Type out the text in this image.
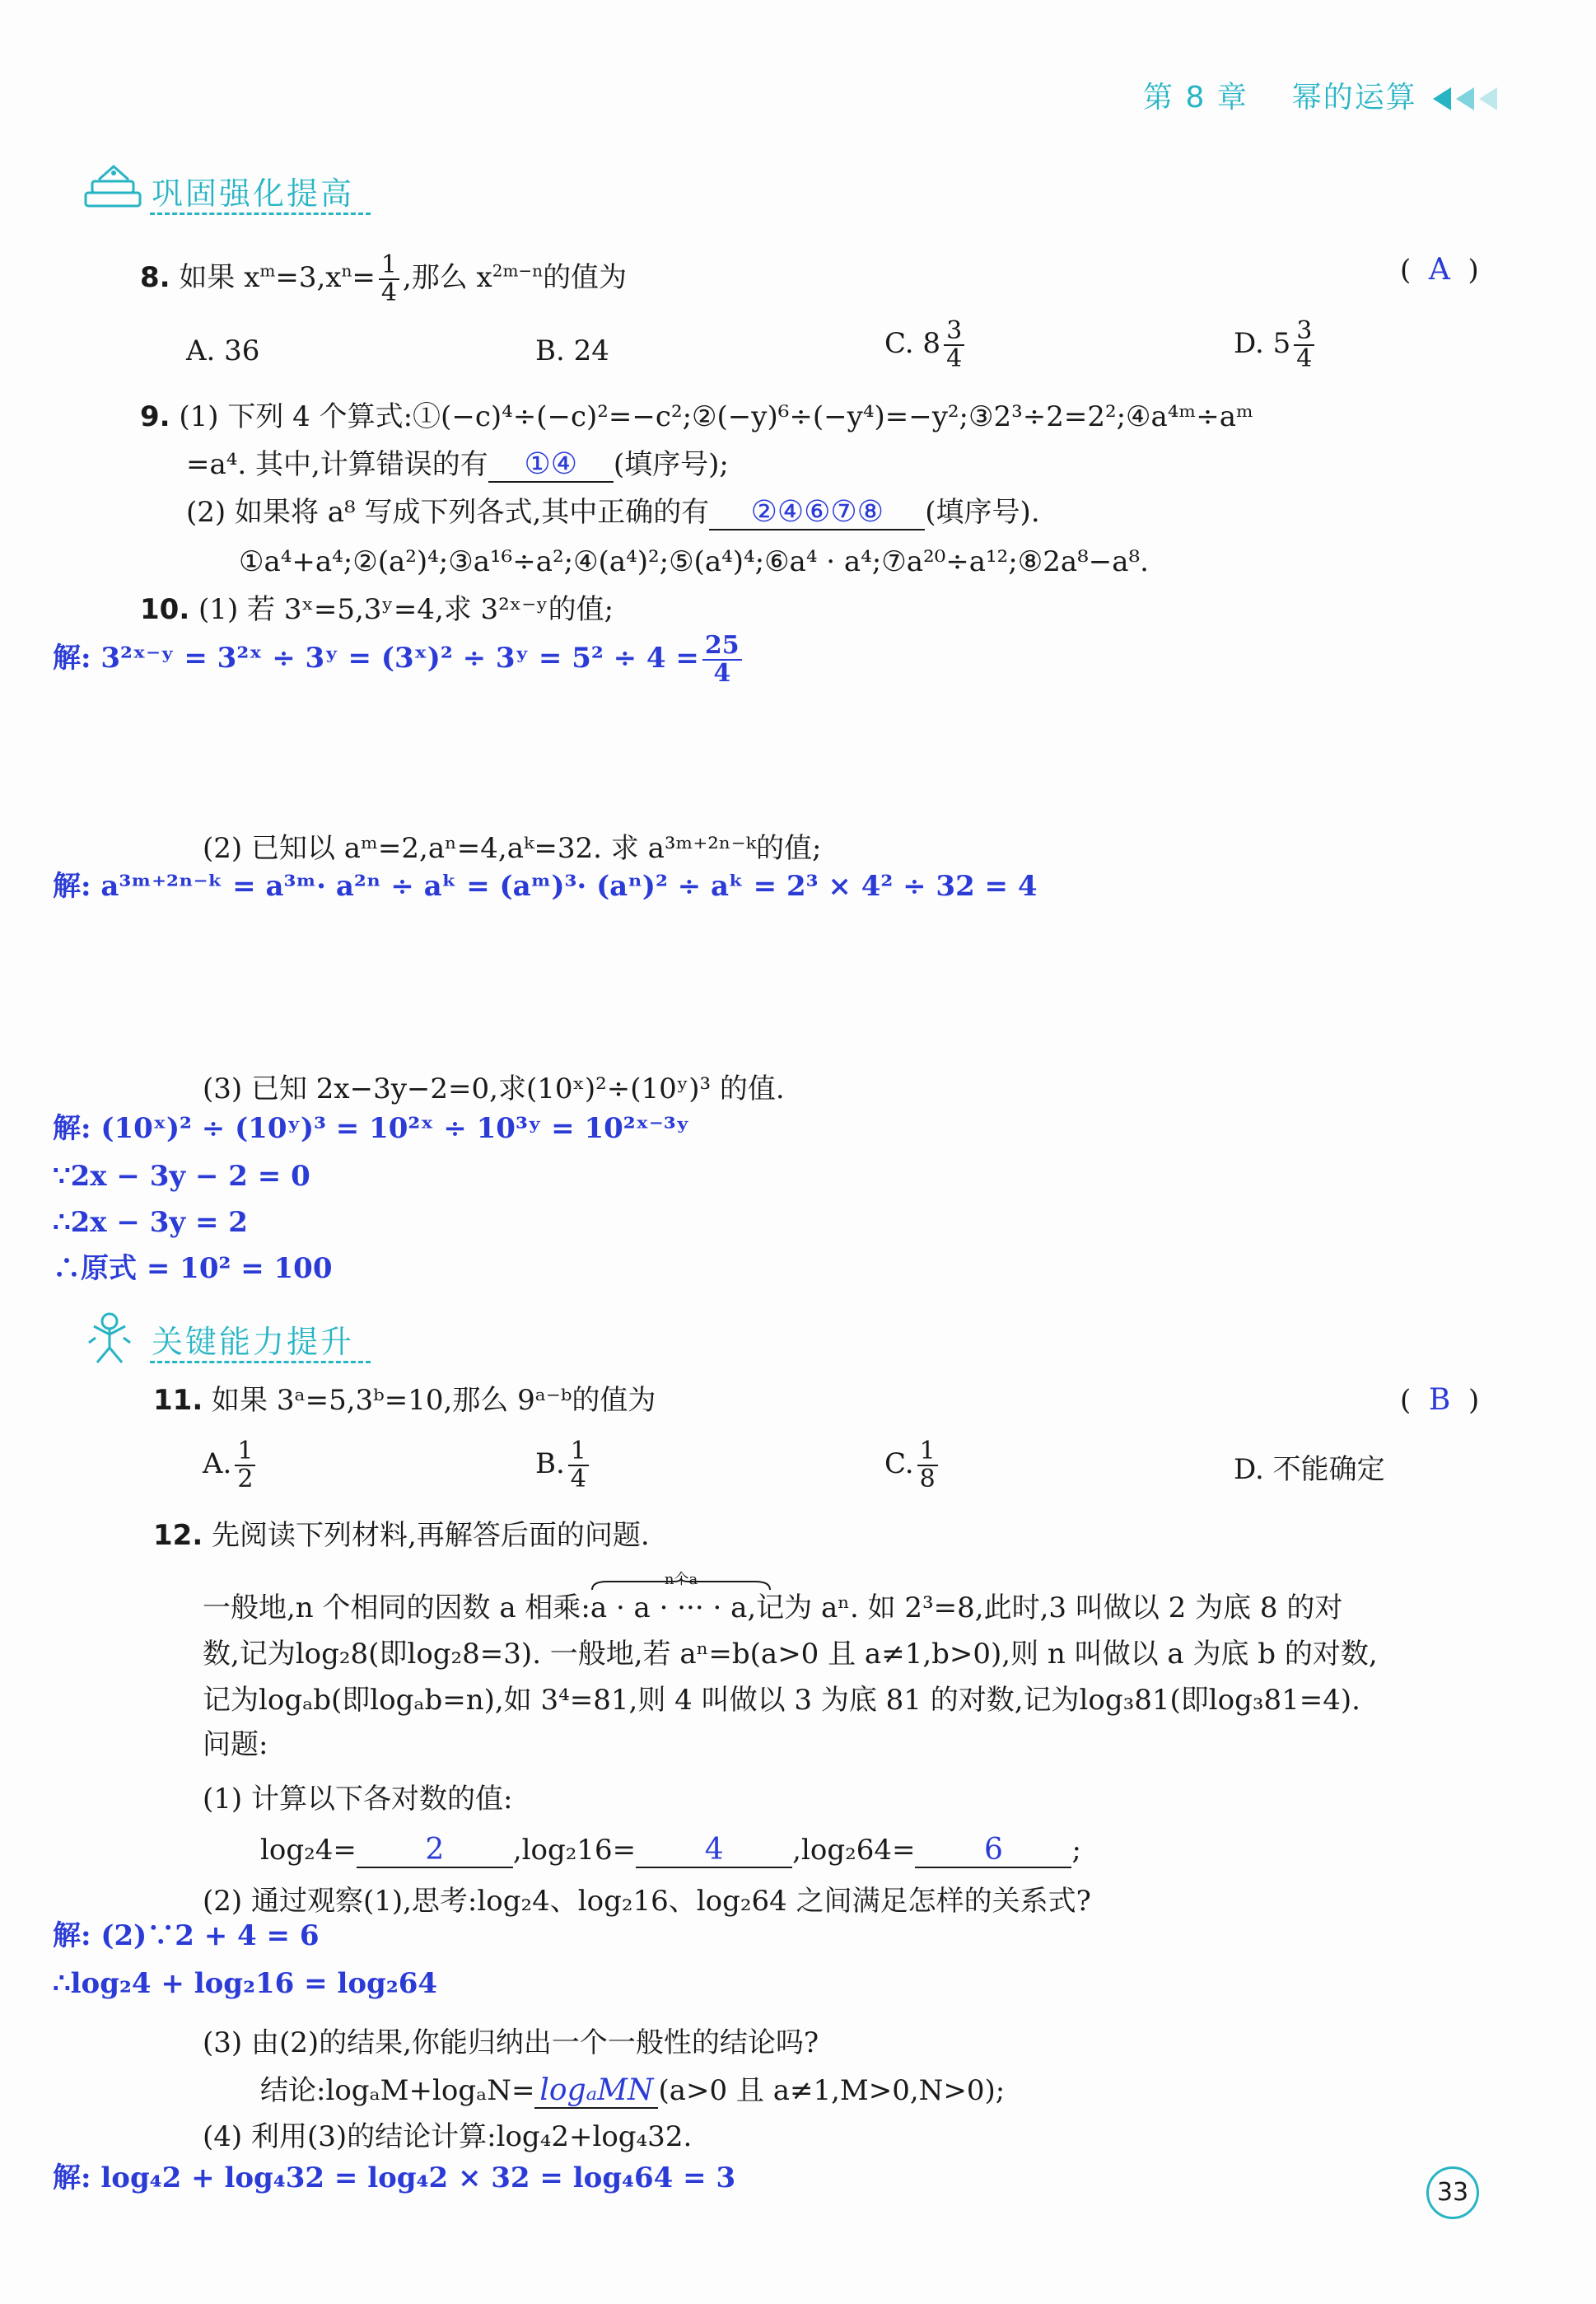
第 8 章 幂的运算
巩固强化提高
8. 如果 $x^m=3,x^n= \frac{1}{4}$ ,那么 $x^{2m-n}$的值为	(  A  )
A. 36	B. 24	C. $8 \frac{3}{4}$	D. $5 \frac{3}{4}$
9. (1) 下列 4 个算式:①(−c)⁴÷(−c)²=−c²;②(−y)⁶÷(−y⁴)=−y²;③2³÷2=2²;④a⁴ᵐ÷aᵐ
=a⁴. 其中,计算错误的有 ①④ (填序号);
(2) 如果将 a⁸ 写成下列各式,其中正确的有 ②④⑥⑦⑧ (填序号).
①a⁴+a⁴;②(a²)⁴;③a¹⁶÷a²;④(a⁴)²;⑤(a⁴)⁴;⑥a⁴ · a⁴;⑦a²⁰÷a¹²;⑧2a⁸−a⁸.
10. (1) 若 3ˣ=5,3ʸ=4,求 3²ˣ⁻ʸ的值;
解: 3²ˣ⁻ʸ = 3²ˣ ÷ 3ʸ = (3ˣ)² ÷ 3ʸ = $5^2 \div 4 = \frac{25}{4}$
(2) 已知以 aᵐ=2,aⁿ=4,aᵏ=32. 求 a³ᵐ⁺²ⁿ⁻ᵏ的值;
解: a³ᵐ⁺²ⁿ⁻ᵏ = a³ᵐ· a²ⁿ ÷ aᵏ = (aᵐ)³· (aⁿ)² ÷ aᵏ = 2³ × 4² ÷ 32 = 4
(3) 已知 2x−3y−2=0,求(10ˣ)²÷(10ʸ)³ 的值.
解: (10ˣ)² ÷ (10ʸ)³ = 10²ˣ ÷ 10³ʸ = 10²ˣ⁻³ʸ
∵2x − 3y − 2 = 0
∴2x − 3y = 2
∴原式 = 10² = 100
关键能力提升
11. 如果 3ᵃ=5,3ᵇ=10,那么 9ᵃ⁻ᵇ的值为	(  B  )
A. $\frac{1}{2}$	B. $\frac{1}{4}$	C. $\frac{1}{8}$	D. 不能确定
12. 先阅读下列材料,再解答后面的问题.
一般地,n 个相同的因数 a 相乘:
n个a
a · a · ··· · a,记为 aⁿ. 如 2³=8,此时,3 叫做以 2 为底 8 的对
数,记为log₂8(即log₂8=3). 一般地,若 aⁿ=b(a>0 且 a≠1,b>0),则 n 叫做以 a 为底 b 的对数,
记为logₐb(即logₐb=n),如 3⁴=81,则 4 叫做以 3 为底 81 的对数,记为log₃81(即log₃81=4).
问题:
(1) 计算以下各对数的值:
log₂4= 2 ,log₂16= 4 ,log₂64= 6 ;
(2) 通过观察(1),思考:log₂4、log₂16、log₂64 之间满足怎样的关系式?
解: (2)∵2 + 4 = 6
∴log₂4 + log₂16 = log₂64
(3) 由(2)的结果,你能归纳出一个一般性的结论吗?
结论:logₐM+logₐN= logₐMN (a>0 且 a≠1,M>0,N>0);
(4) 利用(3)的结论计算:log₄2+log₄32.
解: log₄2 + log₄32 = log₄2 × 32 = log₄64 = 3	33
